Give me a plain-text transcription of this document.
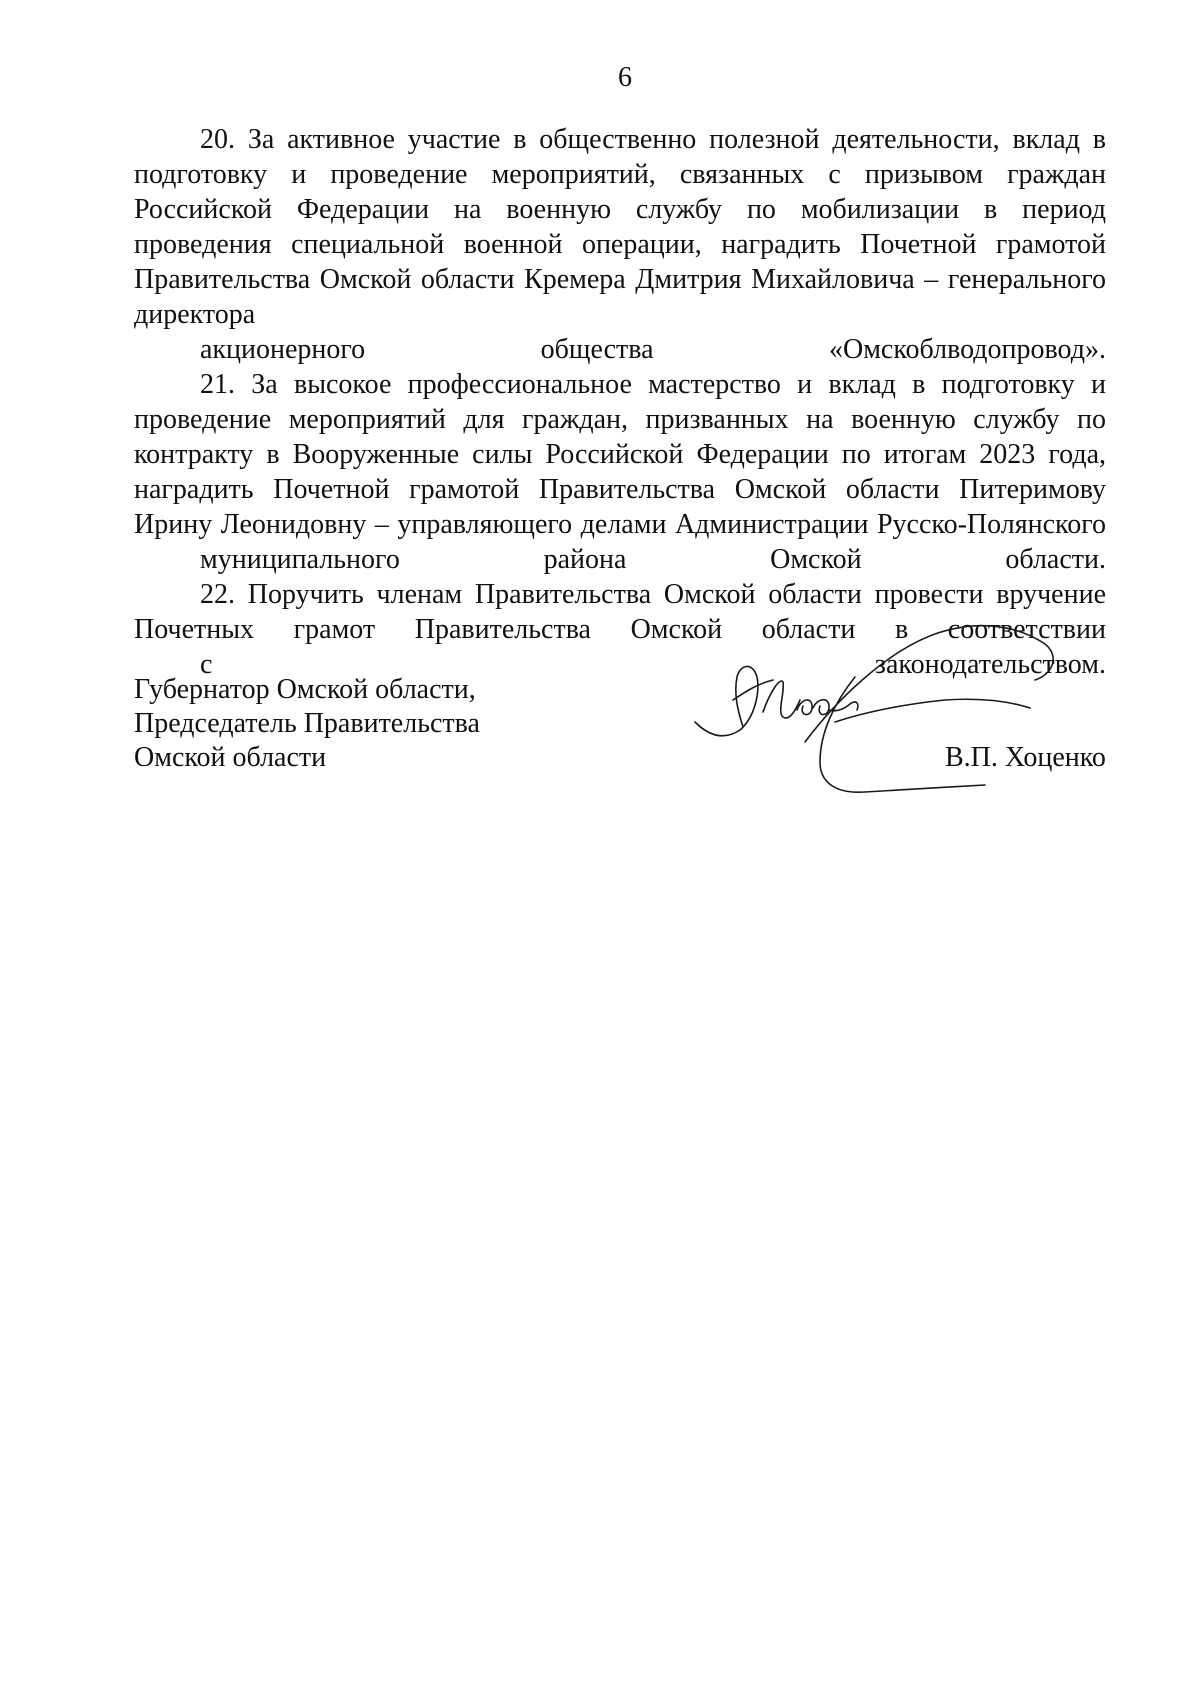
6

20. За активное участие в общественно полезной деятельности, вклад в подготовку и проведение мероприятий, связанных с призывом граждан Российской Федерации на военную службу по мобилизации в период проведения специальной военной операции, наградить Почетной грамотой Правительства Омской области Кремера Дмитрия Михайловича – генерального директора
акционерного общества «Омскоблводопровод».

21. За высокое профессиональное мастерство и вклад в подготовку и проведение мероприятий для граждан, призванных на военную службу по контракту в Вооруженные силы Российской Федерации по итогам 2023 года, наградить Почетной грамотой Правительства Омской области Питеримову Ирину Леонидовну – управляющего делами Администрации Русско-Полянского
муниципального района Омской области.

22. Поручить членам Правительства Омской области провести вручение Почетных грамот Правительства Омской области в соответствии
с законодательством.

Губернатор Омской области,
Председатель Правительства
Омской области	В.П. Хоценко
